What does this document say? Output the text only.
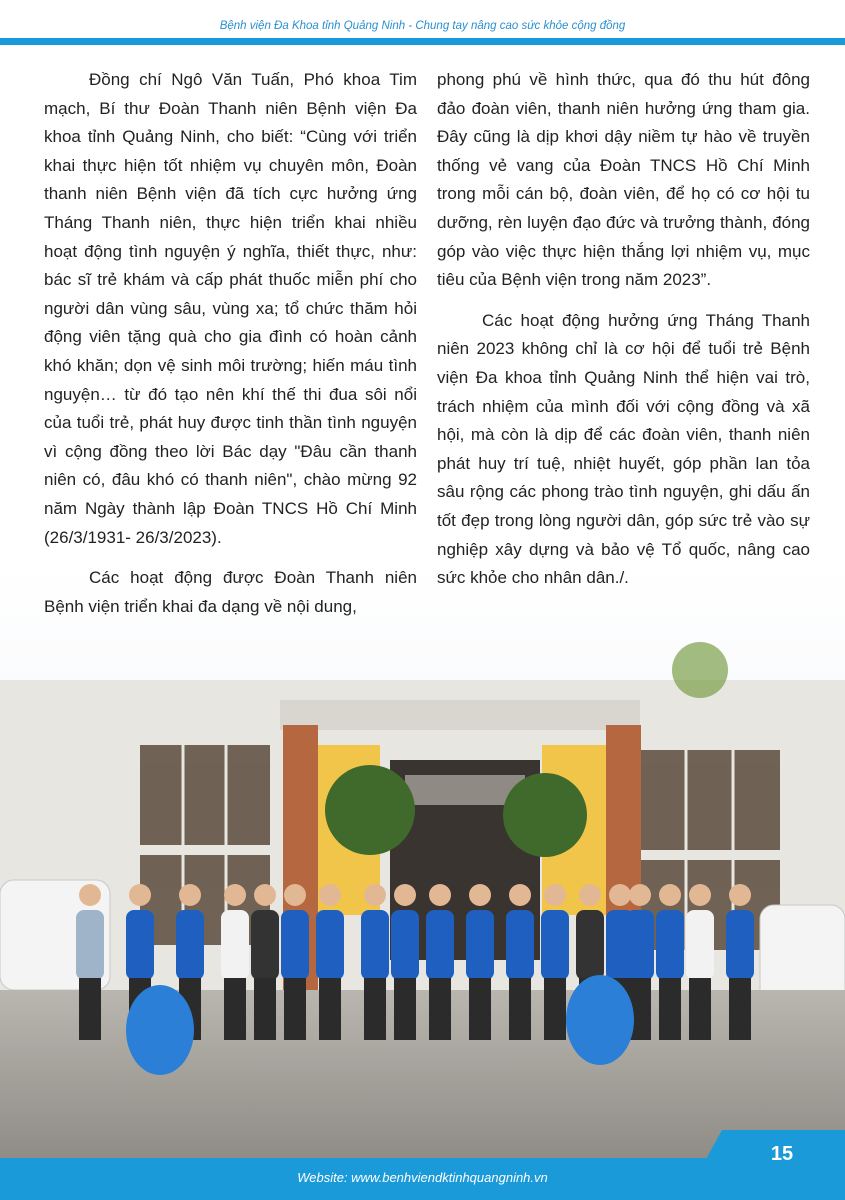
Bệnh viện Đa Khoa tỉnh Quảng Ninh - Chung tay nâng cao sức khỏe cộng đồng

Đồng chí Ngô Văn Tuấn, Phó khoa Tim mạch, Bí thư Đoàn Thanh niên Bệnh viện Đa khoa tỉnh Quảng Ninh, cho biết: “Cùng với triển khai thực hiện tốt nhiệm vụ chuyên môn, Đoàn thanh niên Bệnh viện đã tích cực hưởng ứng Tháng Thanh niên, thực hiện triển khai nhiều hoạt động tình nguyện ý nghĩa, thiết thực, như: bác sĩ trẻ khám và cấp phát thuốc miễn phí cho người dân vùng sâu, vùng xa; tổ chức thăm hỏi động viên tặng quà cho gia đình có hoàn cảnh khó khăn; dọn vệ sinh môi trường; hiến máu tình nguyện… từ đó tạo nên khí thế thi đua sôi nổi của tuổi trẻ, phát huy được tinh thần tình nguyện vì cộng đồng theo lời Bác dạy "Đâu cần thanh niên có, đâu khó có thanh niên", chào mừng 92 năm Ngày thành lập Đoàn TNCS Hồ Chí Minh (26/3/1931- 26/3/2023).

Các hoạt động được Đoàn Thanh niên Bệnh viện triển khai đa dạng về nội dung,

phong phú về hình thức, qua đó thu hút đông đảo đoàn viên, thanh niên hưởng ứng tham gia. Đây cũng là dịp khơi dậy niềm tự hào về truyền thống vẻ vang của Đoàn TNCS Hồ Chí Minh trong mỗi cán bộ, đoàn viên, để họ có cơ hội tu dưỡng, rèn luyện đạo đức và trưởng thành, đóng góp vào việc thực hiện thắng lợi nhiệm vụ, mục tiêu của Bệnh viện trong năm 2023”.

Các hoạt động hưởng ứng Tháng Thanh niên 2023 không chỉ là cơ hội để tuổi trẻ Bệnh viện Đa khoa tỉnh Quảng Ninh thể hiện vai trò, trách nhiệm của mình đối với cộng đồng và xã hội, mà còn là dịp để các đoàn viên, thanh niên phát huy trí tuệ, nhiệt huyết, góp phần lan tỏa sâu rộng các phong trào tình nguyện, ghi dấu ấn tốt đẹp trong lòng người dân, góp sức trẻ vào sự nghiệp xây dựng và bảo vệ Tổ quốc, nâng cao sức khỏe cho nhân dân./.

15
Website: www.benhviendktinhquangninh.vn
